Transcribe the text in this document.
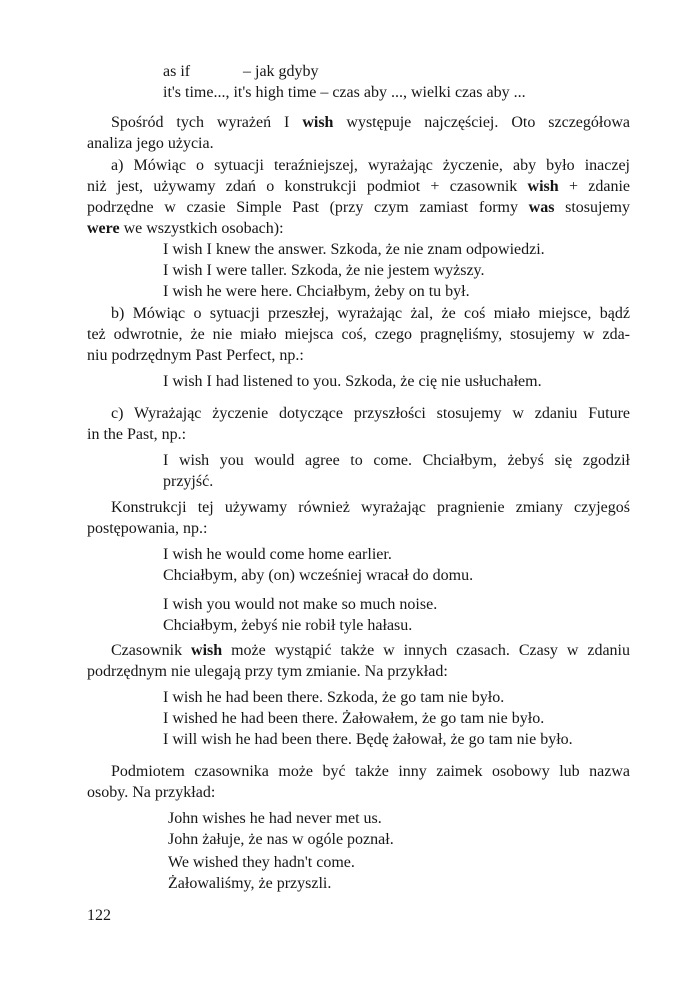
as if	– jak gdyby
it's time..., it's high time – czas aby ..., wielki czas aby ...
Spośród tych wyrażeń I wish występuje najczęściej. Oto szczegółowa
analiza jego użycia.
a) Mówiąc o sytuacji teraźniejszej, wyrażając życzenie, aby było inaczej
niż jest, używamy zdań o konstrukcji podmiot + czasownik wish + zdanie
podrzędne w czasie Simple Past (przy czym zamiast formy was stosujemy
were we wszystkich osobach):
I wish I knew the answer. Szkoda, że nie znam odpowiedzi.
I wish I were taller. Szkoda, że nie jestem wyższy.
I wish he were here. Chciałbym, żeby on tu był.
b) Mówiąc o sytuacji przeszłej, wyrażając żal, że coś miało miejsce, bądź
też odwrotnie, że nie miało miejsca coś, czego pragnęliśmy, stosujemy w zda-
niu podrzędnym Past Perfect, np.:
I wish I had listened to you. Szkoda, że cię nie usłuchałem.
c) Wyrażając życzenie dotyczące przyszłości stosujemy w zdaniu Future
in the Past, np.:
I wish you would agree to come. Chciałbym, żebyś się zgodził
przyjść.
Konstrukcji tej używamy również wyrażając pragnienie zmiany czyjegoś
postępowania, np.:
I wish he would come home earlier.
Chciałbym, aby (on) wcześniej wracał do domu.
I wish you would not make so much noise.
Chciałbym, żebyś nie robił tyle hałasu.
Czasownik wish może wystąpić także w innych czasach. Czasy w zdaniu
podrzędnym nie ulegają przy tym zmianie. Na przykład:
I wish he had been there. Szkoda, że go tam nie było.
I wished he had been there. Żałowałem, że go tam nie było.
I will wish he had been there. Będę żałował, że go tam nie było.
Podmiotem czasownika może być także inny zaimek osobowy lub nazwa
osoby. Na przykład:
John wishes he had never met us.
John żałuje, że nas w ogóle poznał.
We wished they hadn't come.
Żałowaliśmy, że przyszli.
122
